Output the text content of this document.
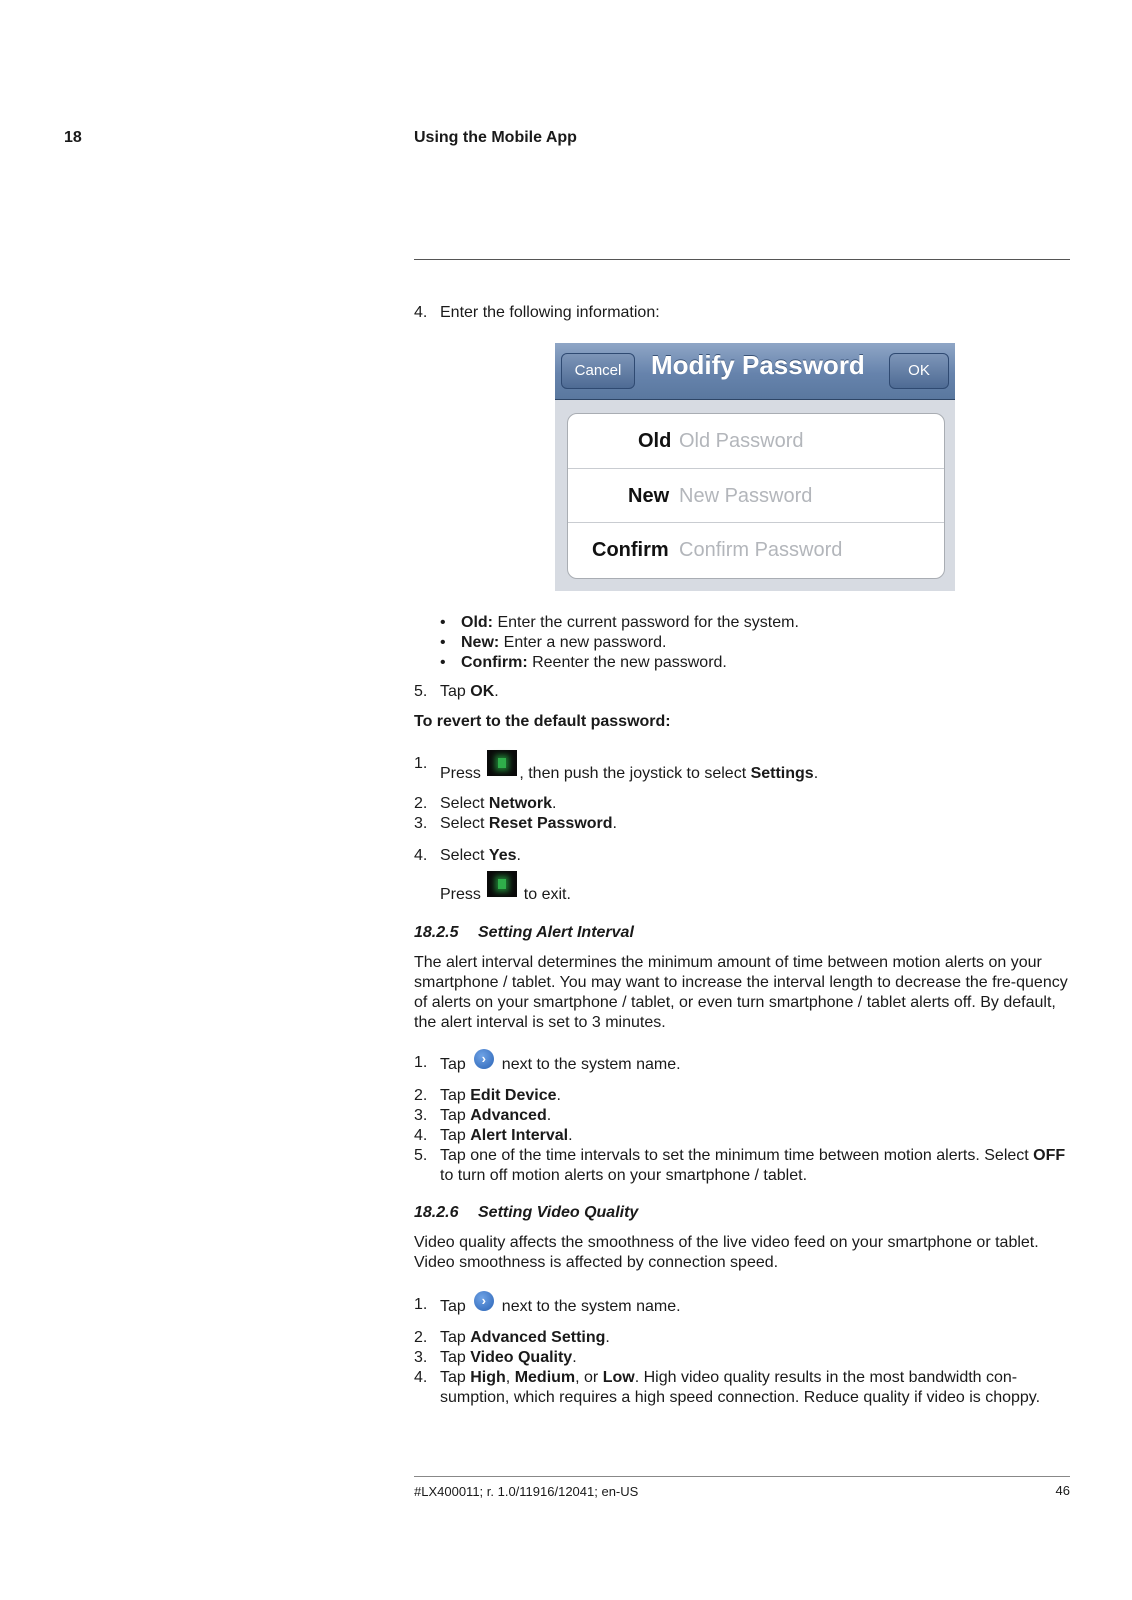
18	Using the Mobile App
4. Enter the following information:
Cancel	Modify Password	OK
Old Old Password
New New Password
Confirm Confirm Password
• Old: Enter the current password for the system.
• New: Enter a new password.
• Confirm: Reenter the new password.
5. Tap OK.
To revert to the default password:
1.
Press , then push the joystick to select Settings.
2. Select Network.
3. Select Reset Password.
4. Select Yes.
Press  to exit.
18.2.5 Setting Alert Interval
The alert interval determines the minimum amount of time between motion alerts on your smartphone / tablet. You may want to increase the interval length to decrease the fre-quency of alerts on your smartphone / tablet, or even turn smartphone / tablet alerts off. By default, the alert interval is set to 3 minutes.
1. Tap › next to the system name.
2. Tap Edit Device.
3. Tap Advanced.
4. Tap Alert Interval.
5. Tap one of the time intervals to set the minimum time between motion alerts. Select OFF to turn off motion alerts on your smartphone / tablet.
18.2.6 Setting Video Quality
Video quality affects the smoothness of the live video feed on your smartphone or tablet. Video smoothness is affected by connection speed.
1. Tap › next to the system name.
2. Tap Advanced Setting.
3. Tap Video Quality.
4. Tap High, Medium, or Low. High video quality results in the most bandwidth con-sumption, which requires a high speed connection. Reduce quality if video is choppy.
#LX400011; r. 1.0/11916/12041; en-US	46
